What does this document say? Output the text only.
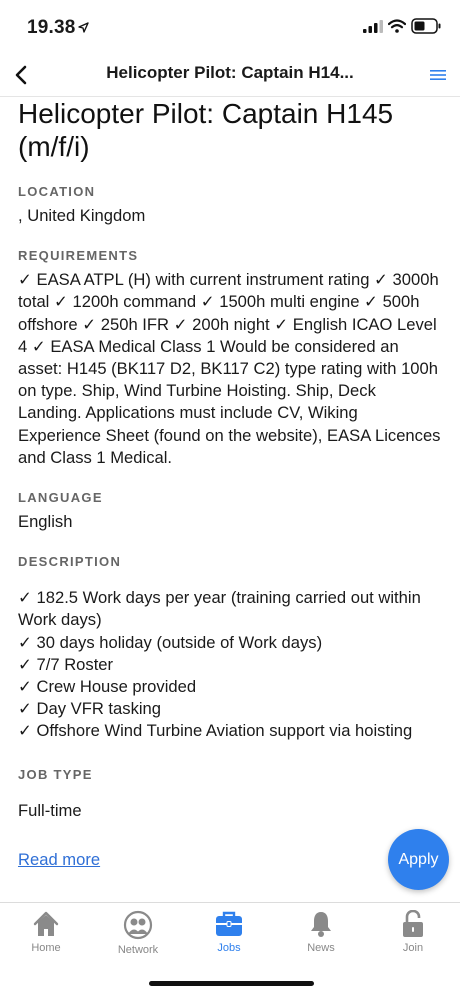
19.38
Helicopter Pilot: Captain H14...
Helicopter Pilot: Captain H145 (m/f/i)
LOCATION
, United Kingdom
REQUIREMENTS
✓ EASA ATPL (H) with current instrument rating ✓ 3000h total ✓ 1200h command ✓ 1500h multi engine ✓ 500h offshore ✓ 250h IFR ✓ 200h night ✓ English ICAO Level 4 ✓ EASA Medical Class 1 Would be considered an asset: H145 (BK117 D2, BK117 C2) type rating with 100h on type. Ship, Wind Turbine Hoisting. Ship, Deck Landing. Applications must include CV, Wiking Experience Sheet (found on the website), EASA Licences and Class 1 Medical.
LANGUAGE
English
DESCRIPTION
✓ 182.5 Work days per year (training carried out within Work days)
✓ 30 days holiday (outside of Work days)
✓ 7/7 Roster
✓ Crew House provided
✓ Day VFR tasking
✓ Offshore Wind Turbine Aviation support via hoisting
JOB TYPE
Full-time
Read more	Apply
Home	Network	Jobs	News	Join
